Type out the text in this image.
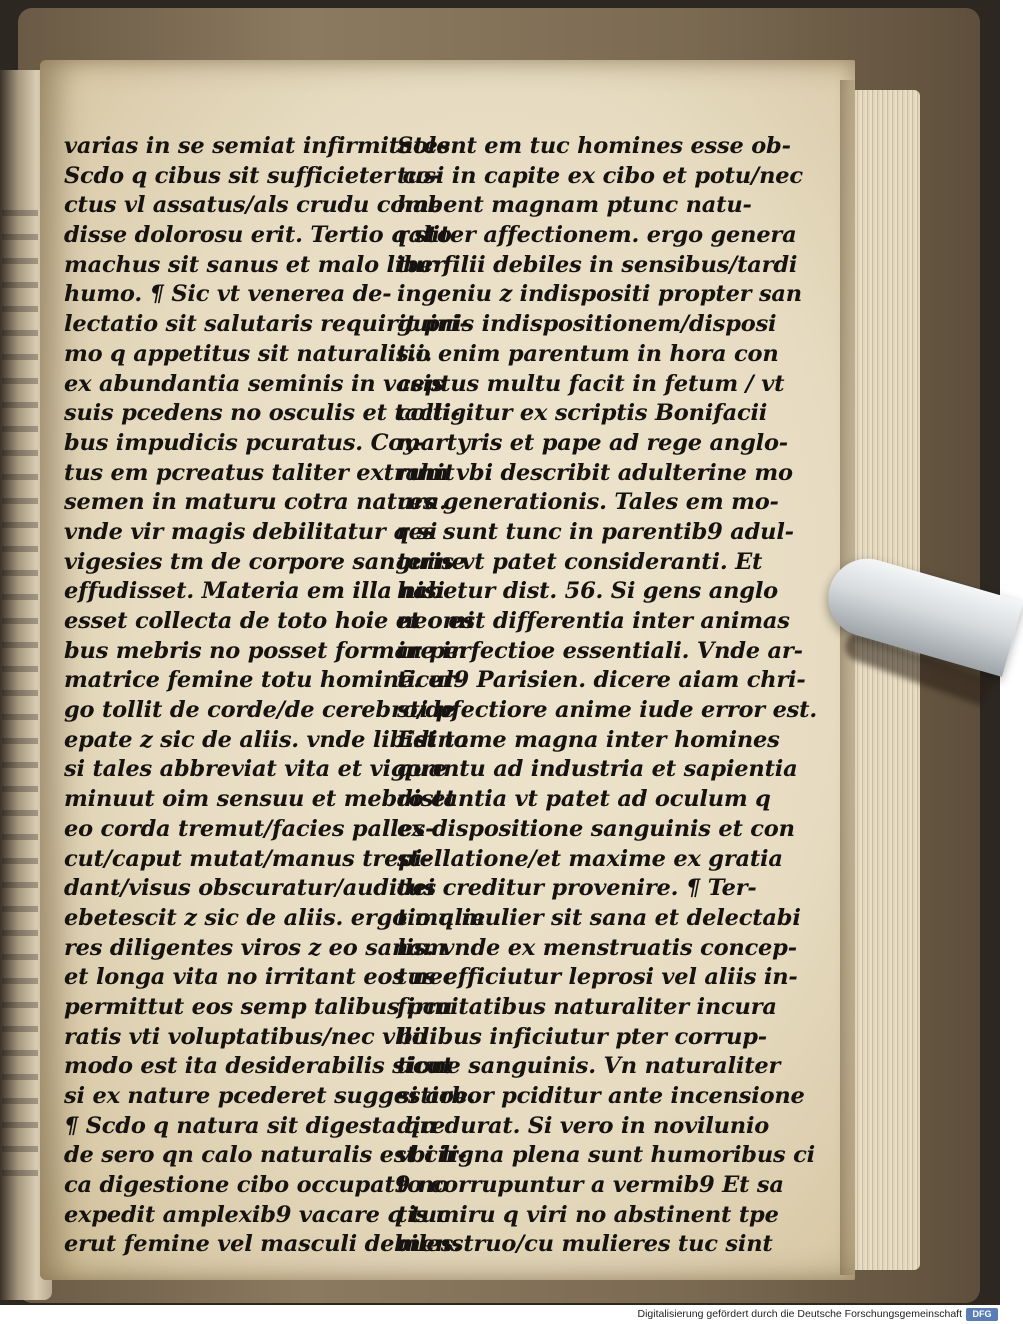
varias in se semiat infirmitates.
Scdo q cibus sit sufficieter co-
ctus vl assatus/als crudu come
disse dolorosu erit. Tertio q sto
machus sit sanus et malo liber
humo. ¶ Sic vt venerea de-
lectatio sit salutaris requirit pri-
mo q appetitus sit naturalis.i.
ex abundantia seminis in vasis
suis pcedens no osculis et tacti-
bus impudicis pcuratus. Coy-
tus em pcreatus taliter extrahit
semen in maturu cotra natura.
vnde vir magis debilitatur q si
vigesies tm de corpore sanguine
effudisset. Materia em illa nisi
esset collecta de toto hoie et omi
bus mebris no posset formare in
matrice femine totu hominē. er-
go tollit de corde/de cerebro/de
epate z sic de aliis. vnde libidino
si tales abbreviat vita et vigore
minuut oim sensuu et mebro et
eo corda tremut/facies palles-
cut/caput mutat/manus trepi-
dant/visus obscuratur/auditus
ebetescit z sic de aliis. ergo mulie
res diligentes viros z eo sanam
et longa vita no irritant eos nec
permittut eos semp talibus pcu
ratis vti voluptatibus/nec vllo
modo est ita desiderabilis sicut
si ex nature pcederet suggestioe.
¶ Scdo q natura sit digesta qre
de sero qn calo naturalis est cir-
ca digestione cibo occupat9 no
expedit amplexib9 vacare q tuc
erut femine vel masculi debiles.
Solent em tuc homines esse ob-
tusi in capite ex cibo et potu/nec
habent magnam ptunc natu-
raliter affectionem. ergo genera
tur filii debiles in sensibus/tardi
ingeniu z indispositi propter san
guinis indispositionem/disposi
tio enim parentum in hora con
ceptus multu facit in fetum / vt
colligitur ex scriptis Bonifacii
martyris et pape ad rege anglo-
rum vbi describit adulterine mo
res generationis. Tales em mo-
res sunt tunc in parentib9 adul-
teris vt patet consideranti. Et
habetur dist. 56. Si gens anglo
nec est differentia inter animas
in perfectioe essentiali. Vnde ar-
ticul9 Parisien. dicere aiam chri-
sti pfectiore anime iude error est.
Est tame magna inter homines
quantu ad industria et sapientia
distantia vt patet ad oculum q
ex dispositione sanguinis et con
stellatione/et maxime ex gratia
dei creditur provenire. ¶ Ter-
tio q mulier sit sana et delectabi
lis. vnde ex menstruatis concep-
tus efficiutur leprosi vel aliis in-
firmitatibus naturaliter incura
bilibus inficiutur pter corrup-
tione sanguinis. Vn naturaliter
si arbor pciditur ante incensione
diu durat. Si vero in novilunio
vbi ligna plena sunt humoribus ci
to corrupuntur a vermib9 Et sa
tis miru q viri no abstinent tpe
menstruo/cu mulieres tuc sint
Digitalisierung gefördert durch die Deutsche Forschungsgemeinschaft	DFG
